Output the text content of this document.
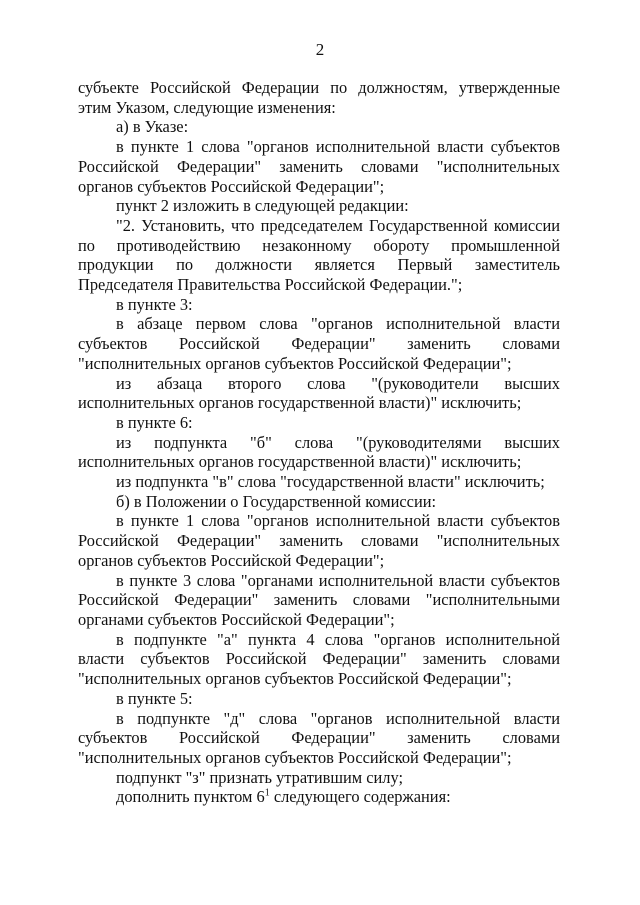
2

субъекте Российской Федерации по должностям, утвержденные этим Указом, следующие изменения:

а) в Указе:

в пункте 1 слова "органов исполнительной власти субъектов Российской Федерации" заменить словами "исполнительных органов субъектов Российской Федерации";

пункт 2 изложить в следующей редакции:

"2. Установить, что председателем Государственной комиссии по противодействию незаконному обороту промышленной продукции по должности является Первый заместитель Председателя Правительства Российской Федерации.";

в пункте 3:

в абзаце первом слова "органов исполнительной власти субъектов Российской Федерации" заменить словами "исполнительных органов субъектов Российской Федерации";

из абзаца второго слова "(руководители высших исполнительных органов государственной власти)" исключить;

в пункте 6:

из подпункта "б" слова "(руководителями высших исполнительных органов государственной власти)" исключить;

из подпункта "в" слова "государственной власти" исключить;

б) в Положении о Государственной комиссии:

в пункте 1 слова "органов исполнительной власти субъектов Российской Федерации" заменить словами "исполнительных органов субъектов Российской Федерации";

в пункте 3 слова "органами исполнительной власти субъектов Российской Федерации" заменить словами "исполнительными органами субъектов Российской Федерации";

в подпункте "а" пункта 4 слова "органов исполнительной власти субъектов Российской Федерации" заменить словами "исполнительных органов субъектов Российской Федерации";

в пункте 5:

в подпункте "д" слова "органов исполнительной власти субъектов Российской Федерации" заменить словами "исполнительных органов субъектов Российской Федерации";

подпункт "з" признать утратившим силу;

дополнить пунктом $6^1$ следующего содержания:
